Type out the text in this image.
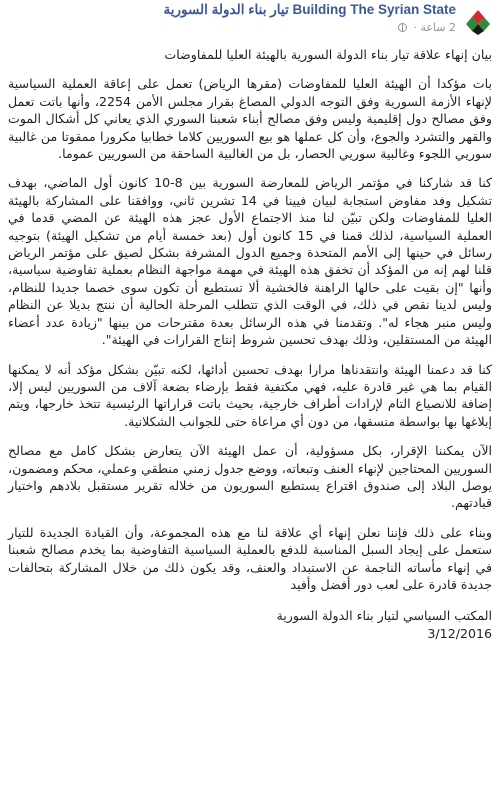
Building The Syrian State تيار بناء الدولة السورية
2 ساعة ·

بيان إنهاء علاقة تيار بناء الدولة السورية بالهيئة العليا للمفاوضات

بات مؤكدا أن الهيئة العليا للمفاوضات (مقرها الرياض) تعمل على إعاقة العملية السياسية لإنهاء الأزمة السورية وفق التوجه الدولي المصاغ بقرار مجلس الأمن 2254، وأنها باتت تعمل وفق مصالح دول إقليمية وليس وفق مصالح أبناء شعبنا السوري الذي يعاني كل أشكال الموت والقهر والتشرد والجوع، وأن كل عملها هو بيع السوريين كلاما خطابيا مكرورا ممقوتا من غالبية سوريي اللجوء وغالبية سوريي الحصار، بل من الغالبية الساحقة من السوريين عموما.

كنا قد شاركنا في مؤتمر الرياض للمعارضة السورية بين 8-10 كانون أول الماضي، بهدف تشكيل وفد مفاوض استجابة لبيان فيينا في 14 تشرين ثاني، ووافقنا على المشاركة بالهيئة العليا للمفاوضات ولكن تبيّن لنا منذ الاجتماع الأول عجز هذه الهيئة عن المضي قدما في العملية السياسية، لذلك قمنا في 15 كانون أول (بعد خمسة أيام من تشكيل الهيئة) بتوجيه رسائل في حينها إلى الأمم المتحدة وجميع الدول المشرفة بشكل لصيق على مؤتمر الرياض قلنا لهم إنه من المؤكد أن تخفق هذه الهيئة في مهمة مواجهة النظام بعملية تفاوضية سياسية، وأنها "إن بقيت على حالها الراهنة فالخشية ألا تستطيع أن تكون سوى خصما جديدا للنظام، وليس لدينا نقص في ذلك، في الوقت الذي تتطلب المرحلة الحالية أن ننتج بديلا عن النظام وليس منبر هجاء له". وتقدمنا في هذه الرسائل بعدة مقترحات من بينها "زيادة عدد أعضاء الهيئة من المستقلين، وذلك بهدف تحسين شروط إنتاج القرارات في الهيئة".

كنا قد دعمنا الهيئة وانتقدناها مرارا بهدف تحسين أدائها، لكنه تبيّن بشكل مؤكد أنه لا يمكنها القيام بما هي غير قادرة عليه، فهي مكتفية فقط بإرضاء بضعة آلاف من السوريين ليس إلا، إضافة للانصياع التام لإرادات أطراف خارجية، بحيث باتت قراراتها الرئيسية تتخذ خارجها، ويتم إبلاغها بها بواسطة منسقها، من دون أي مراعاة حتى للجوانب الشكلانية.

الآن يمكننا الإقرار، بكل مسؤولية، أن عمل الهيئة الآن يتعارض بشكل كامل مع مصالح السوريين المحتاجين لإنهاء العنف وتبعاته، ووضع جدول زمني منطقي وعملي، محكم ومضمون، يوصل البلاد إلى صندوق اقتراع يستطيع السوريون من خلاله تقرير مستقبل بلادهم واختيار قيادتهم.

وبناء على ذلك فإننا نعلن إنهاء أي علاقة لنا مع هذه المجموعة، وأن القيادة الجديدة للتيار ستعمل على إيجاد السبل المناسبة للدفع بالعملية السياسية التفاوضية بما يخدم مصالح شعبنا في إنهاء مأساته الناجمة عن الاستبداد والعنف، وقد يكون ذلك من خلال المشاركة بتحالفات جديدة قادرة على لعب دور أفضل وأفيد

المكتب السياسي لتيار بناء الدولة السورية

3/12/2016
